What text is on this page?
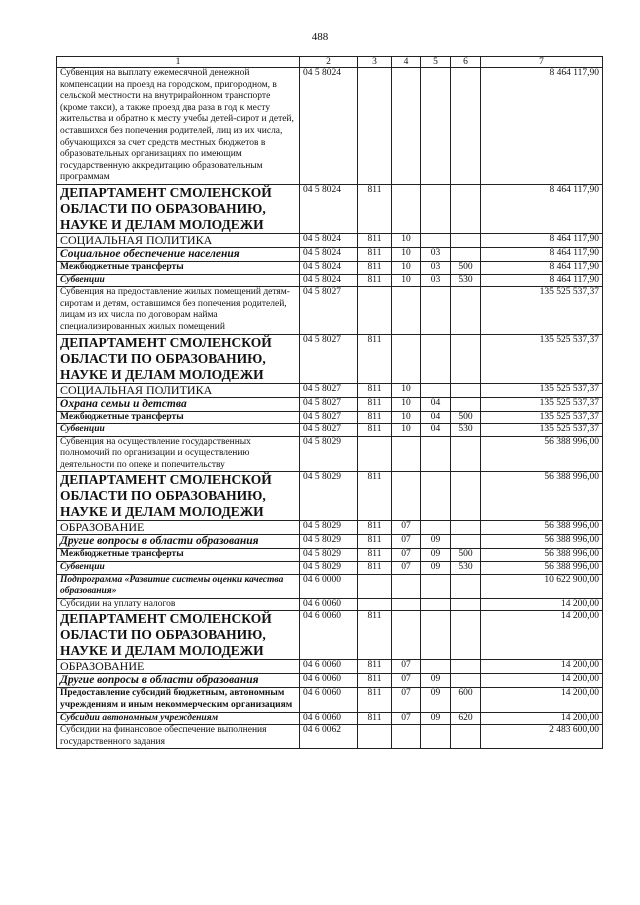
488
1	2	3	4	5	6	7
Субвенция на выплату ежемесячной денежной компенсации на проезд на городском, пригородном, в сельской местности на внутрирайонном транспорте (кроме такси), а также проезд два раза в год к месту жительства и обратно к месту учебы детей-сирот и детей, оставшихся без попечения родителей, лиц из их числа, обучающихся за счет средств местных бюджетов в образовательных организациях по имеющим государственную аккредитацию образовательным программам	04 5 8024					8 464 117,90
ДЕПАРТАМЕНТ СМОЛЕНСКОЙ ОБЛАСТИ ПО ОБРАЗОВАНИЮ, НАУКЕ И ДЕЛАМ МОЛОДЕЖИ	04 5 8024	811				8 464 117,90
СОЦИАЛЬНАЯ ПОЛИТИКА	04 5 8024	811	10			8 464 117,90
Социальное обеспечение населения	04 5 8024	811	10	03		8 464 117,90
Межбюджетные трансферты	04 5 8024	811	10	03	500	8 464 117,90
Субвенции	04 5 8024	811	10	03	530	8 464 117,90
Субвенция на предоставление жилых помещений детям-сиротам и детям, оставшимся без попечения родителей, лицам из их числа по договорам найма специализированных жилых помещений	04 5 8027					135 525 537,37
ДЕПАРТАМЕНТ СМОЛЕНСКОЙ ОБЛАСТИ ПО ОБРАЗОВАНИЮ, НАУКЕ И ДЕЛАМ МОЛОДЕЖИ	04 5 8027	811				135 525 537,37
СОЦИАЛЬНАЯ ПОЛИТИКА	04 5 8027	811	10			135 525 537,37
Охрана семьи и детства	04 5 8027	811	10	04		135 525 537,37
Межбюджетные трансферты	04 5 8027	811	10	04	500	135 525 537,37
Субвенции	04 5 8027	811	10	04	530	135 525 537,37
Субвенция на осуществление государственных полномочий по организации и осуществлению деятельности по опеке и попечительству	04 5 8029					56 388 996,00
ДЕПАРТАМЕНТ СМОЛЕНСКОЙ ОБЛАСТИ ПО ОБРАЗОВАНИЮ, НАУКЕ И ДЕЛАМ МОЛОДЕЖИ	04 5 8029	811				56 388 996,00
ОБРАЗОВАНИЕ	04 5 8029	811	07			56 388 996,00
Другие вопросы в области образования	04 5 8029	811	07	09		56 388 996,00
Межбюджетные трансферты	04 5 8029	811	07	09	500	56 388 996,00
Субвенции	04 5 8029	811	07	09	530	56 388 996,00
Подпрограмма «Развитие системы оценки качества образования»	04 6 0000					10 622 900,00
Субсидии на уплату налогов	04 6 0060					14 200,00
ДЕПАРТАМЕНТ СМОЛЕНСКОЙ ОБЛАСТИ ПО ОБРАЗОВАНИЮ, НАУКЕ И ДЕЛАМ МОЛОДЕЖИ	04 6 0060	811				14 200,00
ОБРАЗОВАНИЕ	04 6 0060	811	07			14 200,00
Другие вопросы в области образования	04 6 0060	811	07	09		14 200,00
Предоставление субсидий бюджетным, автономным учреждениям и иным некоммерческим организациям	04 6 0060	811	07	09	600	14 200,00
Субсидии автономным учреждениям	04 6 0060	811	07	09	620	14 200,00
Субсидии на финансовое обеспечение выполнения государственного задания	04 6 0062					2 483 600,00
